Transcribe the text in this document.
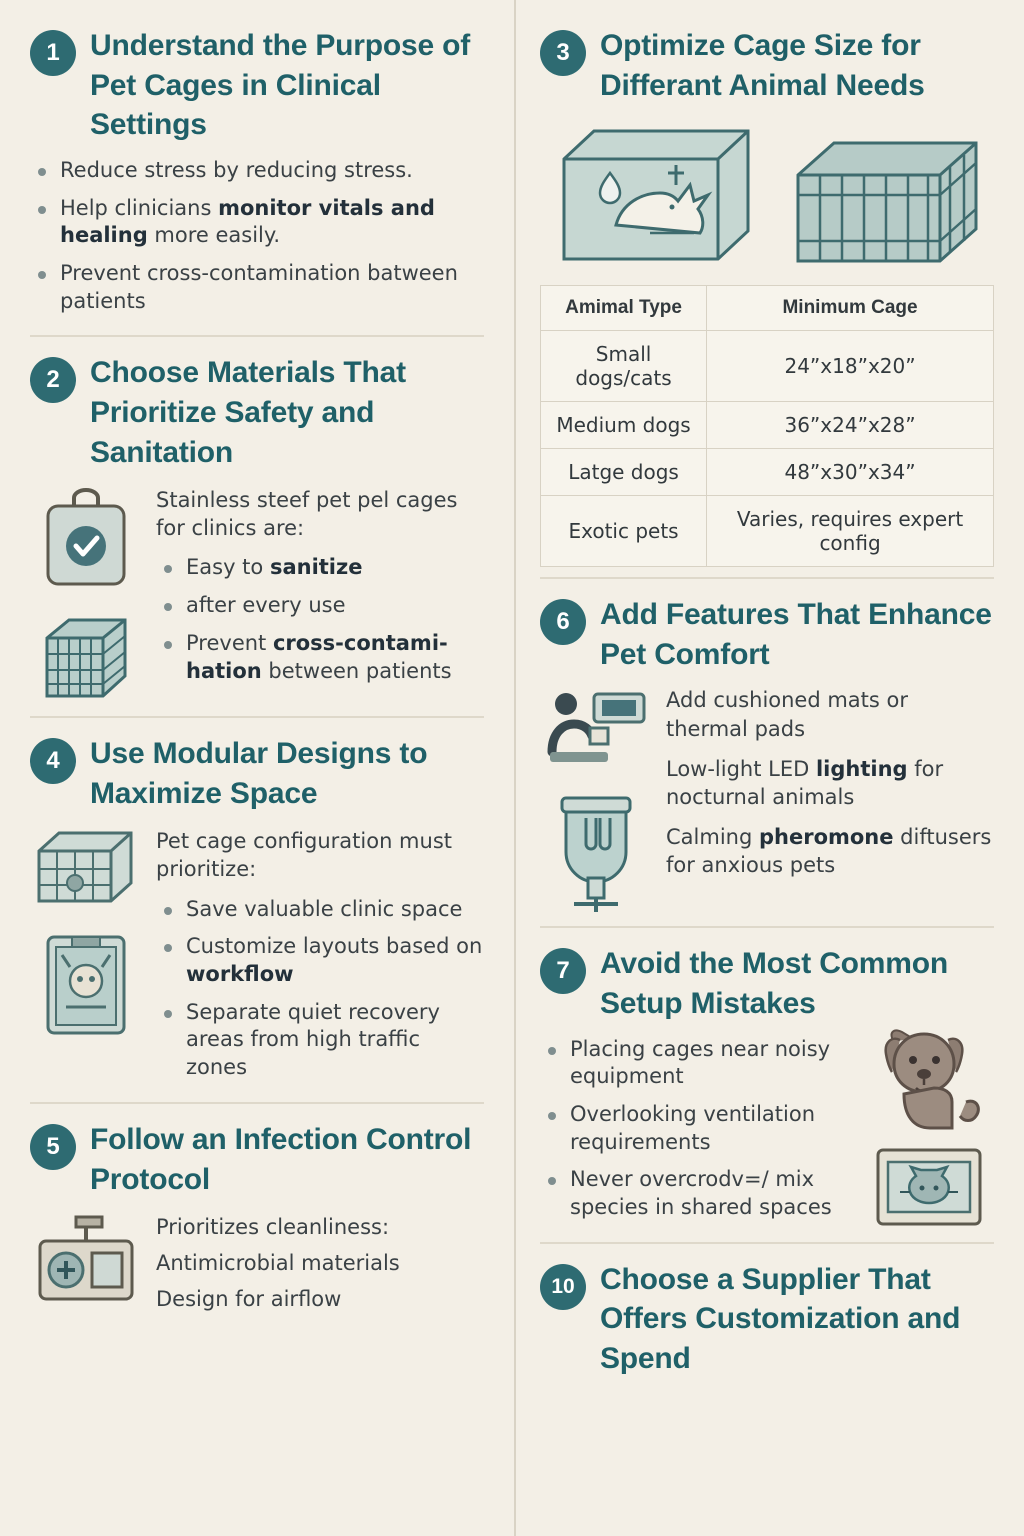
1	Understand the Purpose of Pet Cages in Clinical Settings
Reduce stress by reducing stress.
Help clinicians monitor vitals and healing more easily.
Prevent cross-contamination batween patients
2	Choose Materials That Prioritize Safety and Sanitation
Stainless steef pet pel cages for clinics are:
Easy to sanitize
after every use
Prevent cross-contami-hation between patients
4	Use Modular Designs to Maximize Space
Pet cage configuration must prioritize:
Save valuable clinic space
Customize layouts based on workflow
Separate quiet recovery areas from high traffic zones
5	Follow an Infection Control Protocol
Prioritizes cleanliness:
Antimicrobial materials
Design for airflow
3	Optimize Cage Size for Differant Animal Needs
Amimal Type	Minimum Cage
Small dogs/cats	24”x18”x20”
Medium dogs	36”x24”x28”
Latge dogs	48”x30”x34”
Exotic pets	Varies, requires expert config
6	Add Features That Enhance Pet Comfort
Add cushioned mats or thermal pads
Low-light LED lighting for nocturnal animals
Calming pheromone diftusers for anxious pets
7	Avoid the Most Common Setup Mistakes
Placing cages near noisy equipment
Overlooking ventilation requirements
Never overcrodv=/ mix species in shared spaces
10 Choose a Supplier That Offers Customization and Spend
